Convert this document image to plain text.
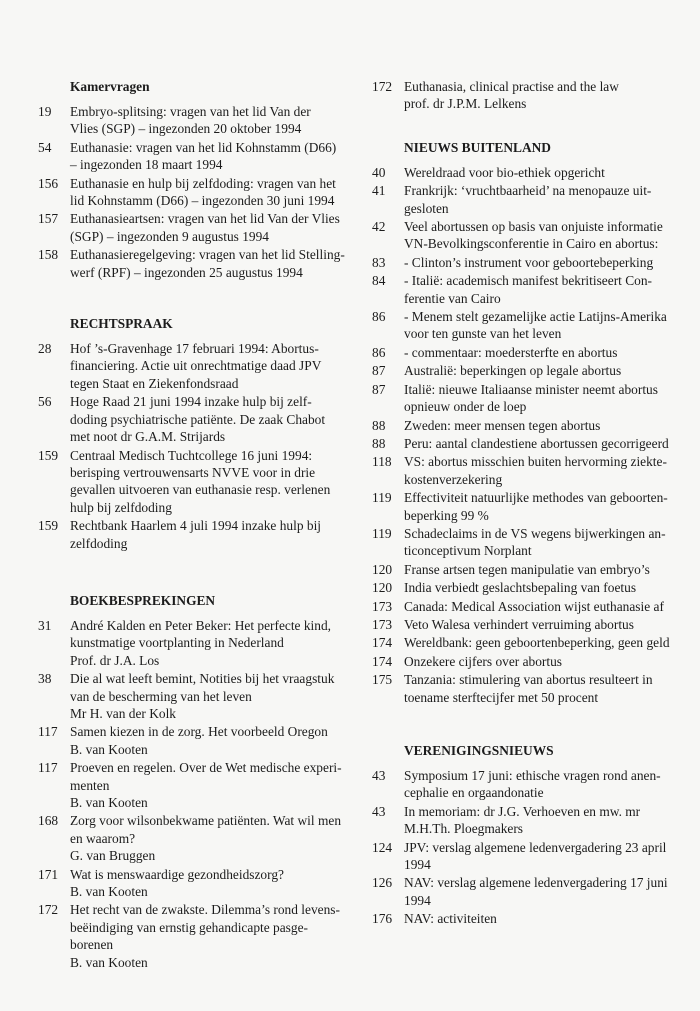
Kamervragen
19	Embryo-splitsing: vragen van het lid Van der
Vlies (SGP) – ingezonden 20 oktober 1994
54	Euthanasie: vragen van het lid Kohnstamm (D66)
– ingezonden 18 maart 1994
156 Euthanasie en hulp bij zelfdoding: vragen van het
lid Kohnstamm (D66) – ingezonden 30 juni 1994
157 Euthanasieartsen: vragen van het lid Van der Vlies
(SGP) – ingezonden 9 augustus 1994
158 Euthanasieregelgeving: vragen van het lid Stelling-
werf (RPF) – ingezonden 25 augustus 1994
RECHTSPRAAK
28	Hof ’s-Gravenhage 17 februari 1994: Abortus-
financiering. Actie uit onrechtmatige daad JPV
tegen Staat en Ziekenfondsraad
56	Hoge Raad 21 juni 1994 inzake hulp bij zelf-
doding psychiatrische patiënte. De zaak Chabot
met noot dr G.A.M. Strijards
159 Centraal Medisch Tuchtcollege 16 juni 1994:
berisping vertrouwensarts NVVE voor in drie
gevallen uitvoeren van euthanasie resp. verlenen
hulp bij zelfdoding
159 Rechtbank Haarlem 4 juli 1994 inzake hulp bij
zelfdoding
BOEKBESPREKINGEN
31	André Kalden en Peter Beker: Het perfecte kind,
kunstmatige voortplanting in Nederland
Prof. dr J.A. Los
38	Die al wat leeft bemint, Notities bij het vraagstuk
van de bescherming van het leven
Mr H. van der Kolk
117 Samen kiezen in de zorg. Het voorbeeld Oregon
B. van Kooten
117 Proeven en regelen. Over de Wet medische experi-
menten
B. van Kooten
168 Zorg voor wilsonbekwame patiënten. Wat wil men
en waarom?
G. van Bruggen
171 Wat is menswaardige gezondheidszorg?
B. van Kooten
172 Het recht van de zwakste. Dilemma’s rond levens-
beëindiging van ernstig gehandicapte pasge-
borenen
B. van Kooten
172 Euthanasia, clinical practise and the law
prof. dr J.P.M. Lelkens
NIEUWS BUITENLAND
40	Wereldraad voor bio-ethiek opgericht
41	Frankrijk: ‘vruchtbaarheid’ na menopauze uit-
gesloten
42	Veel abortussen op basis van onjuiste informatie
VN-Bevolkingsconferentie in Cairo en abortus:
83	- Clinton’s instrument voor geboortebeperking
84	- Italië: academisch manifest bekritiseert Con-
ferentie van Cairo
86	- Menem stelt gezamelijke actie Latijns-Amerika
voor ten gunste van het leven
86	- commentaar: moedersterfte en abortus
87	Australië: beperkingen op legale abortus
87	Italië: nieuwe Italiaanse minister neemt abortus
opnieuw onder de loep
88	Zweden: meer mensen tegen abortus
88	Peru: aantal clandestiene abortussen gecorrigeerd
118 VS: abortus misschien buiten hervorming ziekte-
kostenverzekering
119 Effectiviteit natuurlijke methodes van geboorten-
beperking 99 %
119 Schadeclaims in de VS wegens bijwerkingen an-
ticonceptivum Norplant
120 Franse artsen tegen manipulatie van embryo’s
120 India verbiedt geslachtsbepaling van foetus
173 Canada: Medical Association wijst euthanasie af
173 Veto Walesa verhindert verruiming abortus
174 Wereldbank: geen geboortenbeperking, geen geld
174 Onzekere cijfers over abortus
175 Tanzania: stimulering van abortus resulteert in
toename sterftecijfer met 50 procent
VERENIGINGSNIEUWS
43	Symposium 17 juni: ethische vragen rond anen-
cephalie en orgaandonatie
43	In memoriam: dr J.G. Verhoeven en mw. mr
M.H.Th. Ploegmakers
124 JPV: verslag algemene ledenvergadering 23 april
1994
126 NAV: verslag algemene ledenvergadering 17 juni
1994
176 NAV: activiteiten
